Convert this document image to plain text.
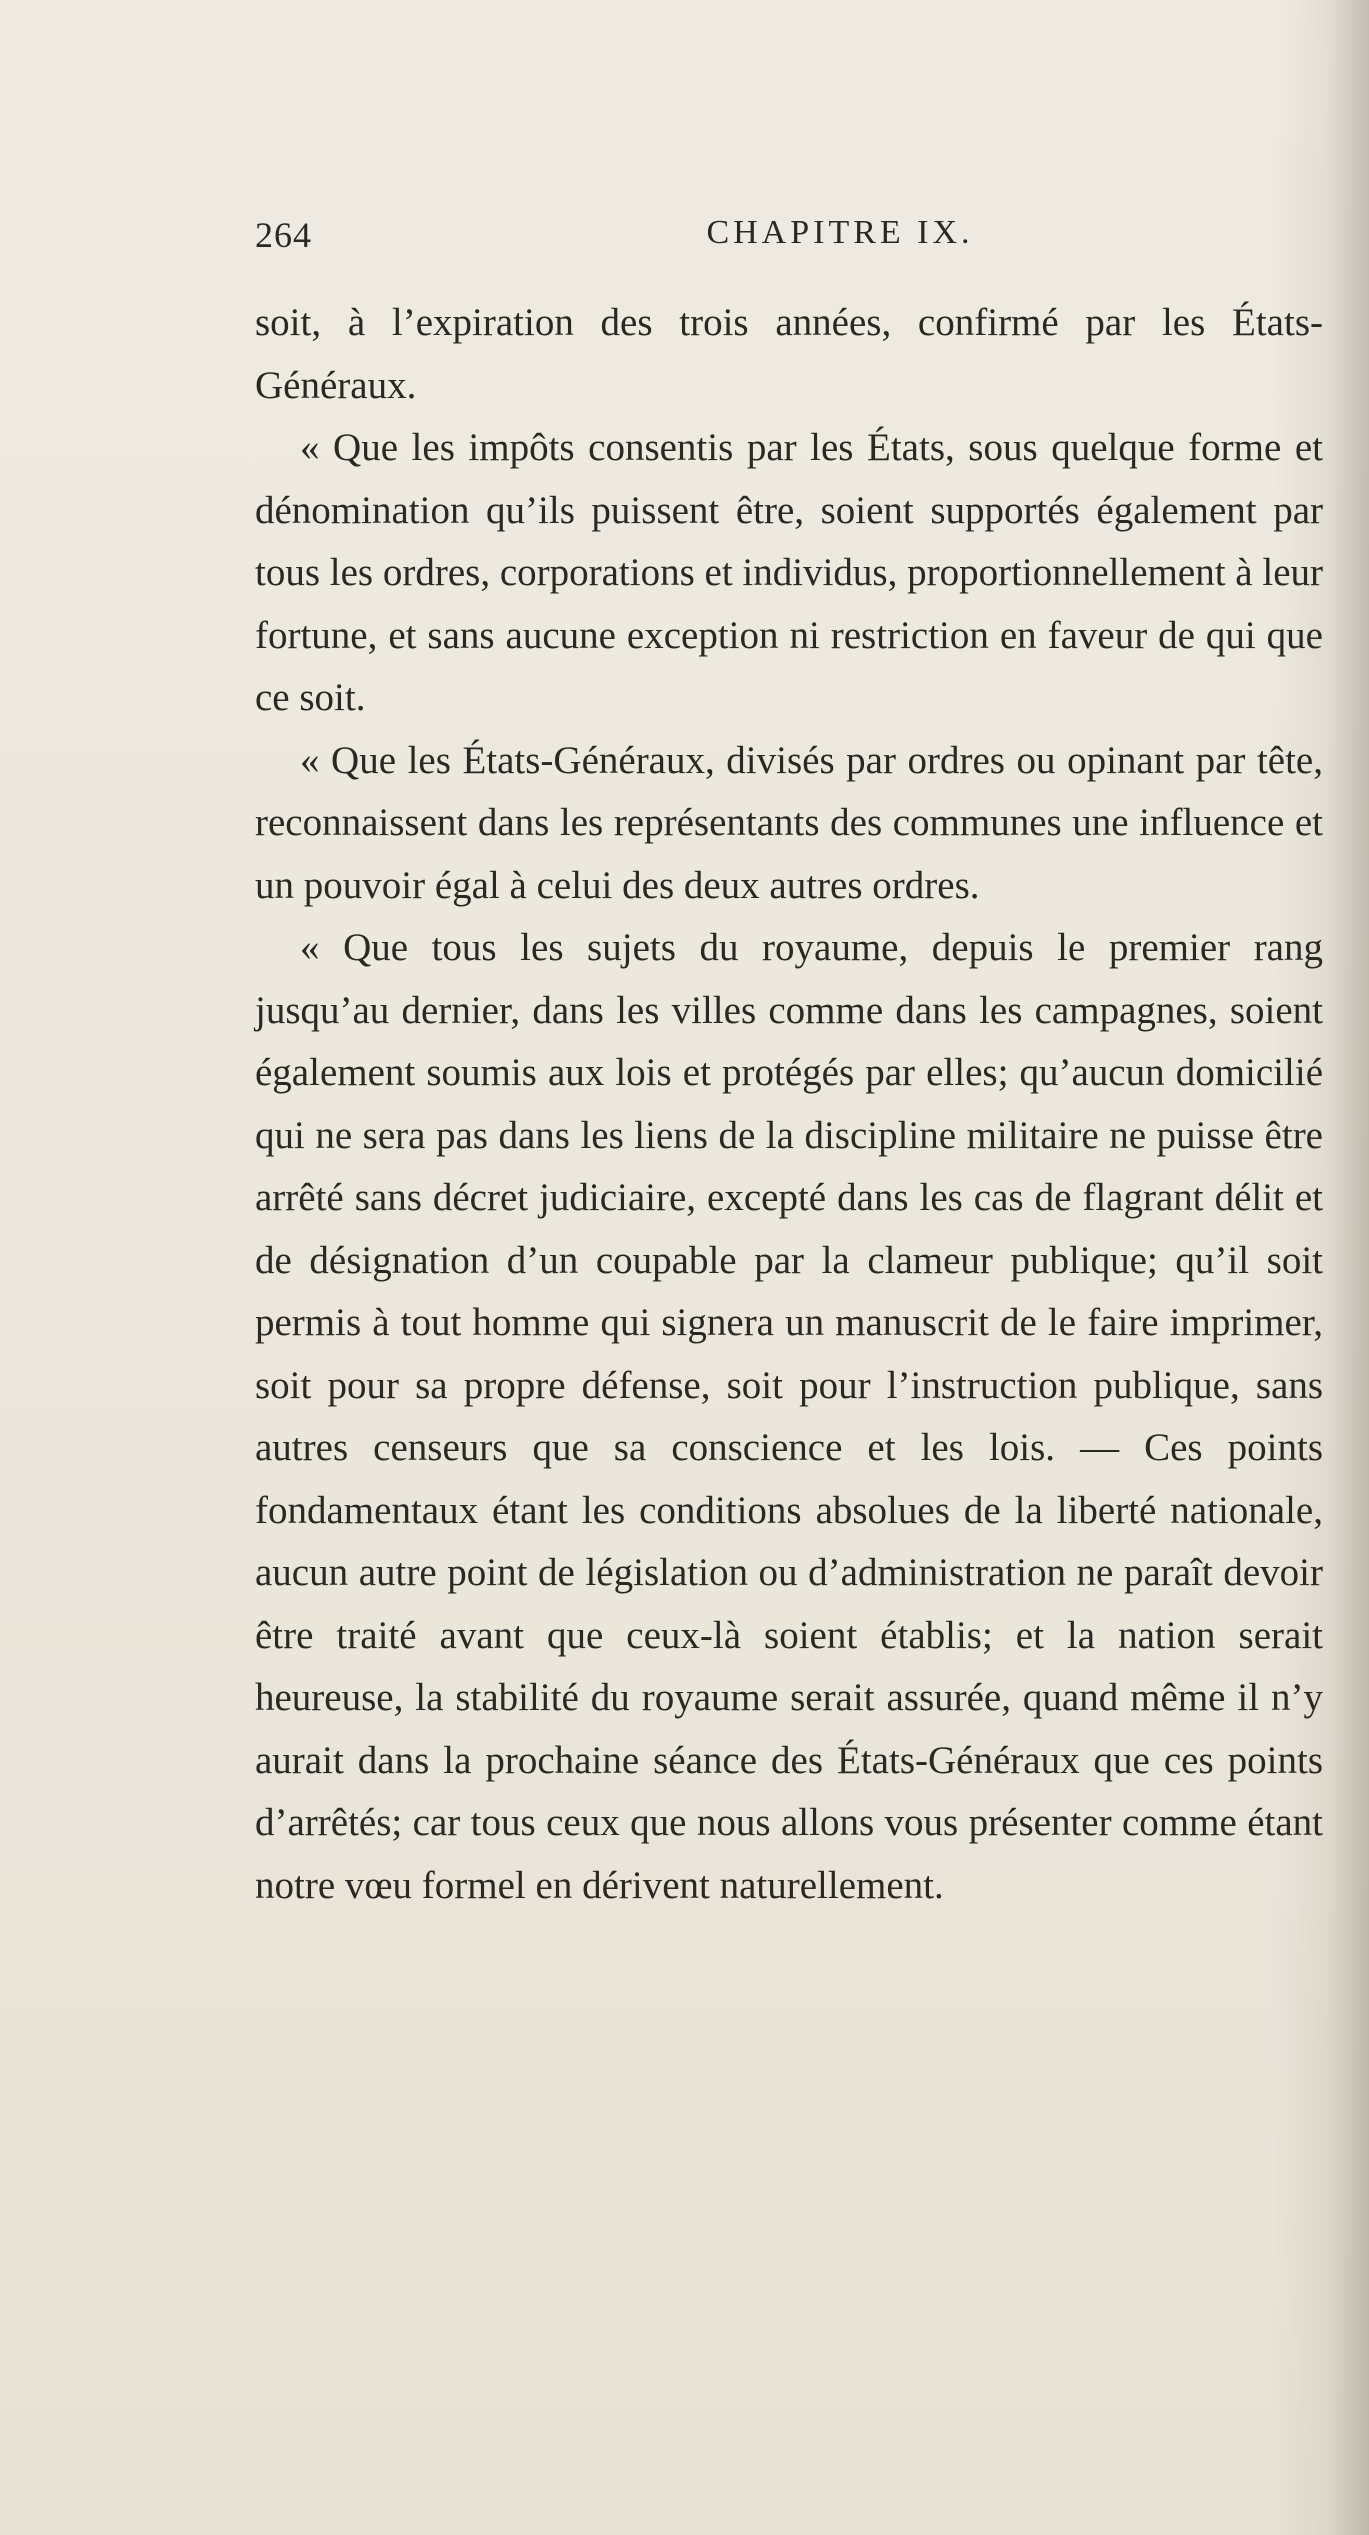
264	CHAPITRE IX.

soit, à l’expiration des trois années, confirmé par les États-Généraux.

« Que les impôts consentis par les États, sous quelque forme et dénomination qu’ils puissent être, soient supportés également par tous les ordres, corporations et individus, proportionnellement à leur fortune, et sans aucune exception ni restriction en faveur de qui que ce soit.

« Que les États-Généraux, divisés par ordres ou opinant par tête, reconnaissent dans les représentants des communes une influence et un pouvoir égal à celui des deux autres ordres.

« Que tous les sujets du royaume, depuis le premier rang jusqu’au dernier, dans les villes comme dans les campagnes, soient également soumis aux lois et protégés par elles; qu’aucun domicilié qui ne sera pas dans les liens de la discipline militaire ne puisse être arrêté sans décret judiciaire, excepté dans les cas de flagrant délit et de désignation d’un coupable par la clameur publique; qu’il soit permis à tout homme qui signera un manuscrit de le faire imprimer, soit pour sa propre défense, soit pour l’instruction publique, sans autres censeurs que sa conscience et les lois. — Ces points fondamentaux étant les conditions absolues de la liberté nationale, aucun autre point de législation ou d’administration ne paraît devoir être traité avant que ceux-là soient établis; et la nation serait heureuse, la stabilité du royaume serait assurée, quand même il n’y aurait dans la prochaine séance des États-Généraux que ces points d’arrêtés; car tous ceux que nous allons vous présenter comme étant notre vœu formel en dérivent naturellement.
